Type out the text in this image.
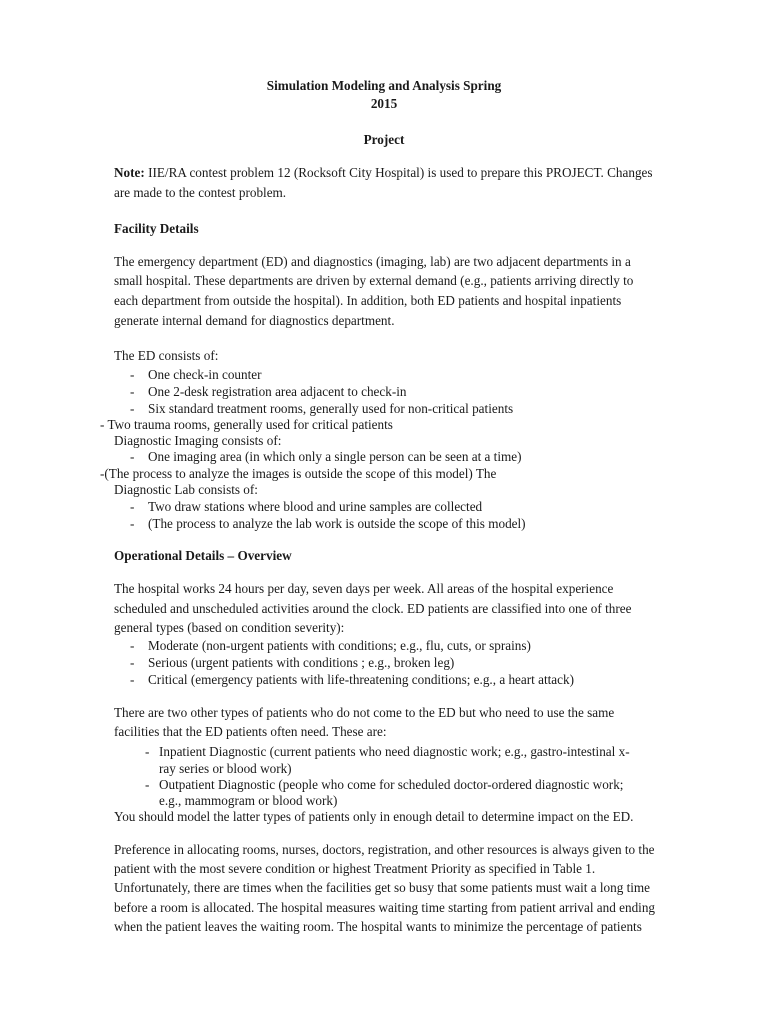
Simulation Modeling and Analysis Spring
2015
Project
Note: IIE/RA contest problem 12 (Rocksoft City Hospital) is used to prepare this PROJECT. Changes
are made to the contest problem.
Facility Details
The emergency department (ED) and diagnostics (imaging, lab) are two adjacent departments in a
small hospital. These departments are driven by external demand (e.g., patients arriving directly to
each department from outside the hospital). In addition, both ED patients and hospital inpatients
generate internal demand for diagnostics department.
The ED consists of:
- One check-in counter
- One 2-desk registration area adjacent to check-in
- Six standard treatment rooms, generally used for non-critical patients
- Two trauma rooms, generally used for critical patients
Diagnostic Imaging consists of:
- One imaging area (in which only a single person can be seen at a time)
-(The process to analyze the images is outside the scope of this model) The
Diagnostic Lab consists of:
- Two draw stations where blood and urine samples are collected
- (The process to analyze the lab work is outside the scope of this model)
Operational Details – Overview
The hospital works 24 hours per day, seven days per week. All areas of the hospital experience
scheduled and unscheduled activities around the clock. ED patients are classified into one of three
general types (based on condition severity):
- Moderate (non-urgent patients with conditions; e.g., flu, cuts, or sprains)
- Serious (urgent patients with conditions ; e.g., broken leg)
- Critical (emergency patients with life-threatening conditions; e.g., a heart attack)
There are two other types of patients who do not come to the ED but who need to use the same
facilities that the ED patients often need. These are:
- Inpatient Diagnostic (current patients who need diagnostic work; e.g., gastro-intestinal x-
ray series or blood work)
- Outpatient Diagnostic (people who come for scheduled doctor-ordered diagnostic work;
e.g., mammogram or blood work)
You should model the latter types of patients only in enough detail to determine impact on the ED.
Preference in allocating rooms, nurses, doctors, registration, and other resources is always given to the
patient with the most severe condition or highest Treatment Priority as specified in Table 1.
Unfortunately, there are times when the facilities get so busy that some patients must wait a long time
before a room is allocated. The hospital measures waiting time starting from patient arrival and ending
when the patient leaves the waiting room. The hospital wants to minimize the percentage of patients
